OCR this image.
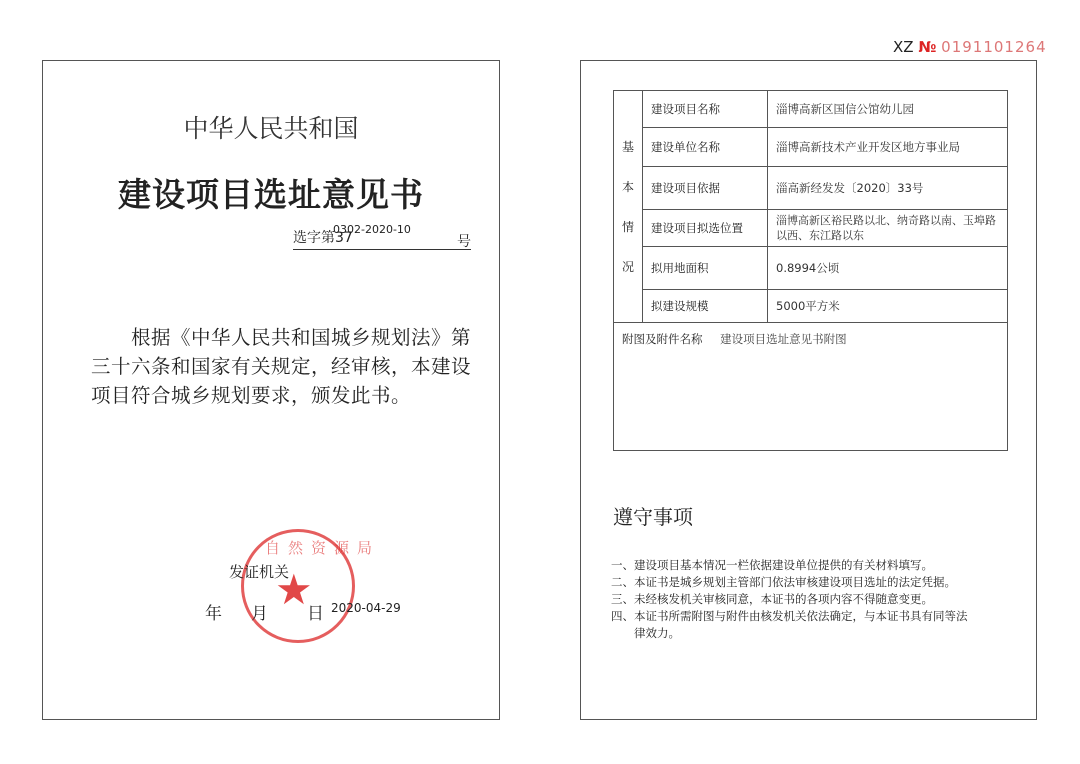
中华人民共和国
建设项目选址意见书
选字第37
0302-2020-10
号
根据《中华人民共和国城乡规划法》第三十六条和国家有关规定，经审核，本建设项目符合城乡规划要求，颁发此书。
自然资源局
★
发证机关
年 月 日 2020-04-29
XZ № 0191101264
基
本
情
况	建设项目名称	淄博高新区国信公馆幼儿园
	建设单位名称	淄博高新技术产业开发区地方事业局
	建设项目依据	淄高新经发发〔2020〕33号
	建设项目拟选位置	淄博高新区裕民路以北、纳奇路以南、玉埠路以西、东江路以东
	拟用地面积	0.8994公顷
	拟建设规模	5000平方米
附图及附件名称 建设项目选址意见书附图		
遵守事项
一、建设项目基本情况一栏依据建设单位提供的有关材料填写。
二、本证书是城乡规划主管部门依法审核建设项目选址的法定凭据。
三、未经核发机关审核同意，本证书的各项内容不得随意变更。
四、本证书所需附图与附件由核发机关依法确定，与本证书具有同等法
　　律效力。
